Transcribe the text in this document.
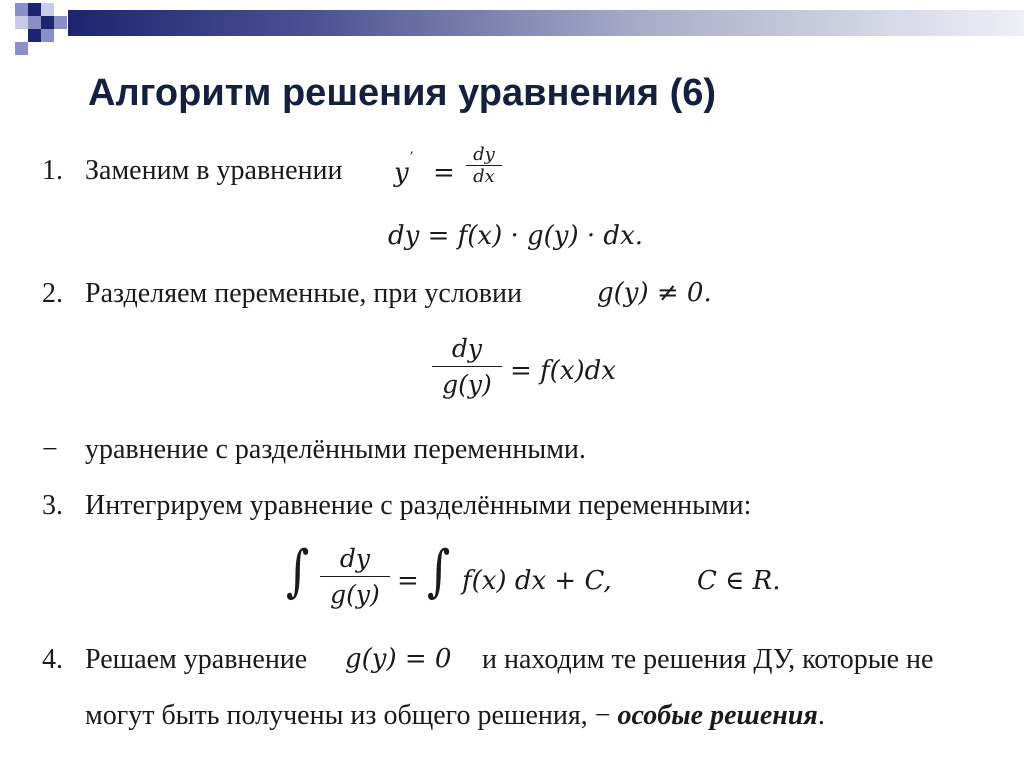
Алгоритм решения уравнения (6)
1. Заменим в уравнении y
′
=
dy
dx
dy = f(x) · g(y) · dx.
2. Разделяем переменные, при условии	g(y) ≠ 0.
dy
g(y) = f(x)dx
− уравнение с разделёнными переменными.
3. Интегрируем уравнение с разделёнными переменными:
∫	dy
g(y) = ∫ f(x) dx + C,	C ∈ R.
4. Решаем уравнение g(y) = 0 и находим те решения ДУ, которые не
могут быть получены из общего решения, − особые решения.
